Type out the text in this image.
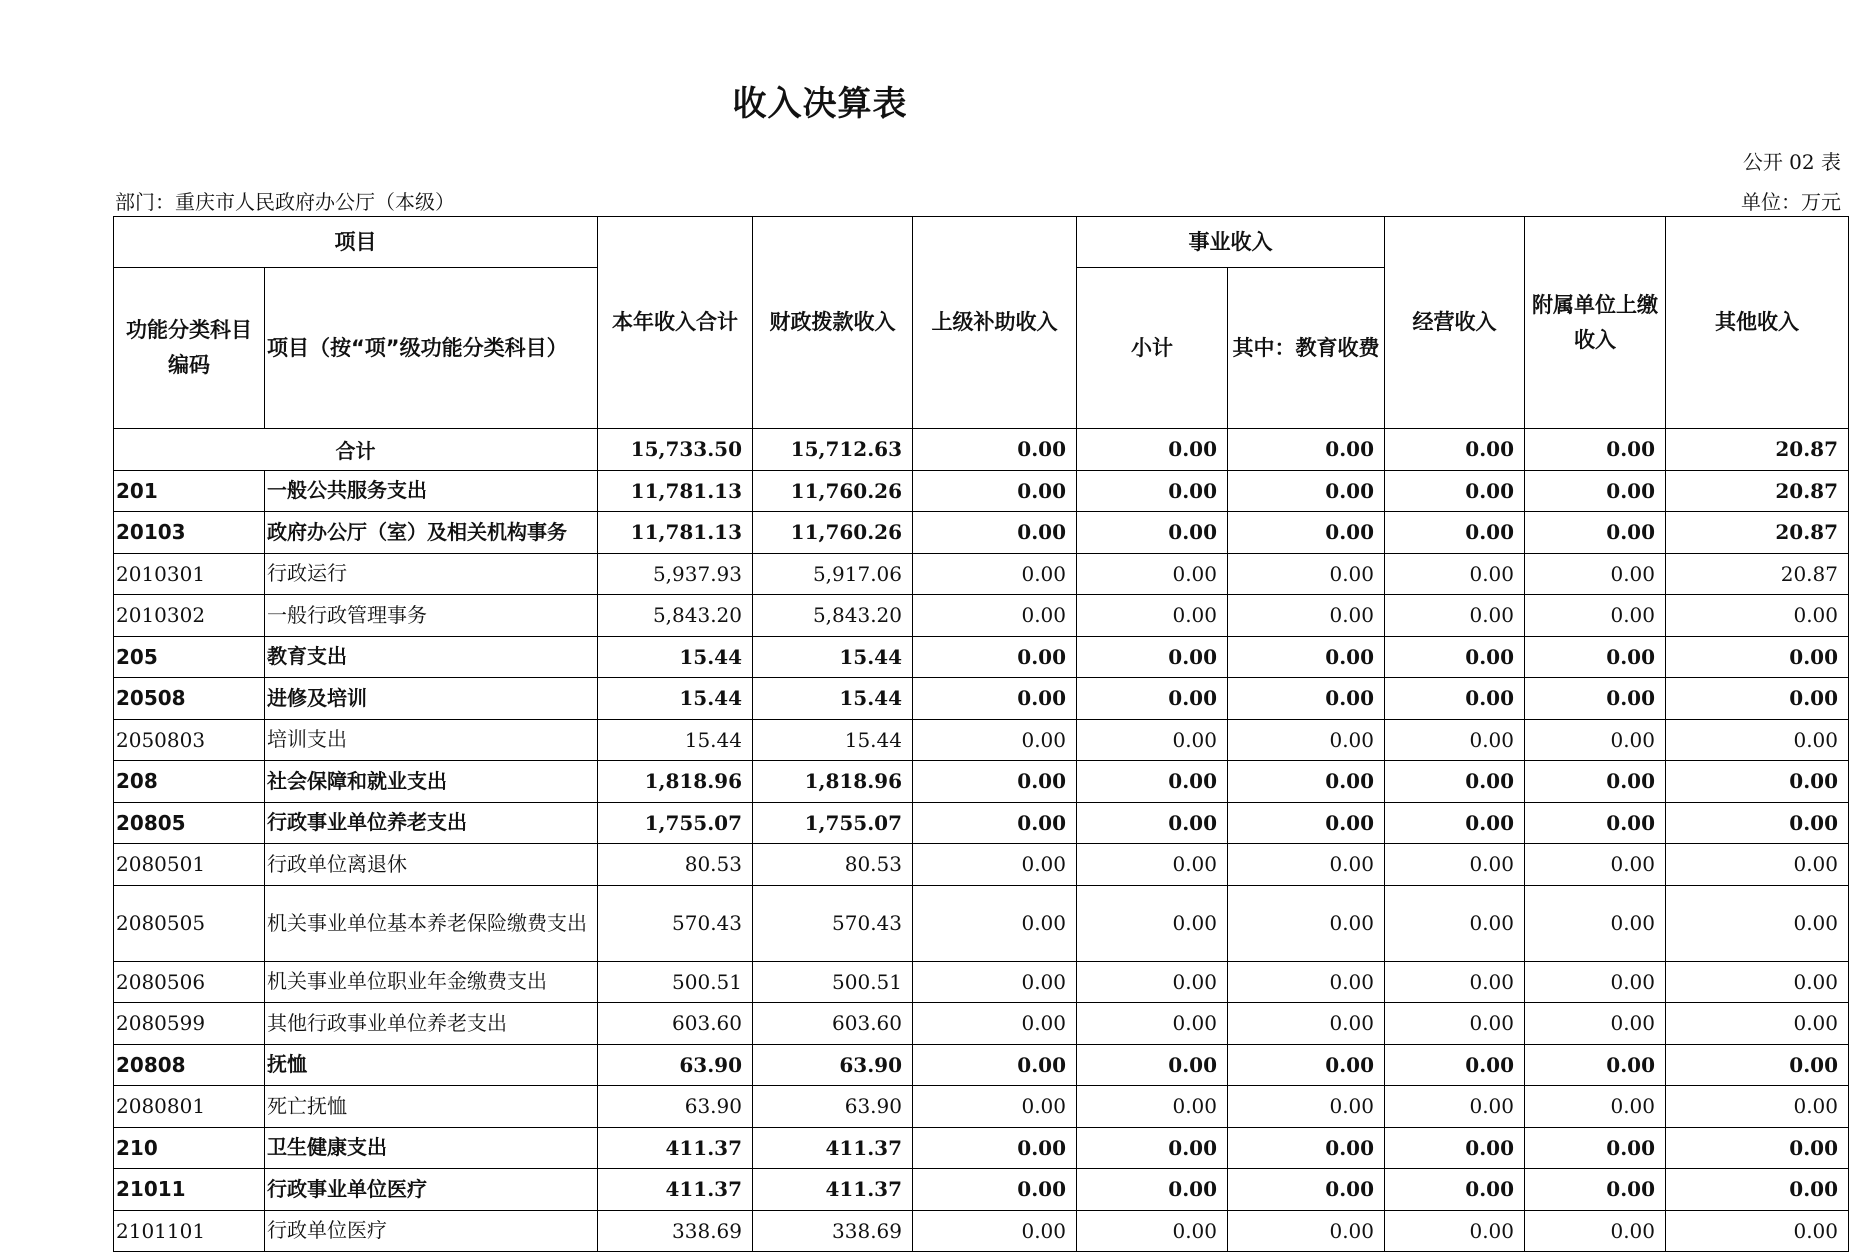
收入决算表
公开 02 表
部门：重庆市人民政府办公厅（本级）	单位：万元
项目		本年收入合计	财政拨款收入	上级补助收入	事业收入		经营收入	附属单位上缴收入	其他收入
功能分类科目编码	项目（按“项”级功能分类科目）				小计	其中：教育收费			

合计		15,733.50	15,712.63	0.00	0.00	0.00	0.00	0.00	20.87
201	一般公共服务支出	11,781.13	11,760.26	0.00	0.00	0.00	0.00	0.00	20.87
20103	政府办公厅（室）及相关机构事务	11,781.13	11,760.26	0.00	0.00	0.00	0.00	0.00	20.87
2010301	行政运行	5,937.93	5,917.06	0.00	0.00	0.00	0.00	0.00	20.87
2010302	一般行政管理事务	5,843.20	5,843.20	0.00	0.00	0.00	0.00	0.00	0.00
205	教育支出	15.44	15.44	0.00	0.00	0.00	0.00	0.00	0.00
20508	进修及培训	15.44	15.44	0.00	0.00	0.00	0.00	0.00	0.00
2050803	培训支出	15.44	15.44	0.00	0.00	0.00	0.00	0.00	0.00
208	社会保障和就业支出	1,818.96	1,818.96	0.00	0.00	0.00	0.00	0.00	0.00
20805	行政事业单位养老支出	1,755.07	1,755.07	0.00	0.00	0.00	0.00	0.00	0.00
2080501	行政单位离退休	80.53	80.53	0.00	0.00	0.00	0.00	0.00	0.00
2080505	机关事业单位基本养老保险缴费支出	570.43	570.43	0.00	0.00	0.00	0.00	0.00	0.00
2080506	机关事业单位职业年金缴费支出	500.51	500.51	0.00	0.00	0.00	0.00	0.00	0.00
2080599	其他行政事业单位养老支出	603.60	603.60	0.00	0.00	0.00	0.00	0.00	0.00
20808	抚恤	63.90	63.90	0.00	0.00	0.00	0.00	0.00	0.00
2080801	死亡抚恤	63.90	63.90	0.00	0.00	0.00	0.00	0.00	0.00
210	卫生健康支出	411.37	411.37	0.00	0.00	0.00	0.00	0.00	0.00
21011	行政事业单位医疗	411.37	411.37	0.00	0.00	0.00	0.00	0.00	0.00
2101101	行政单位医疗	338.69	338.69	0.00	0.00	0.00	0.00	0.00	0.00
